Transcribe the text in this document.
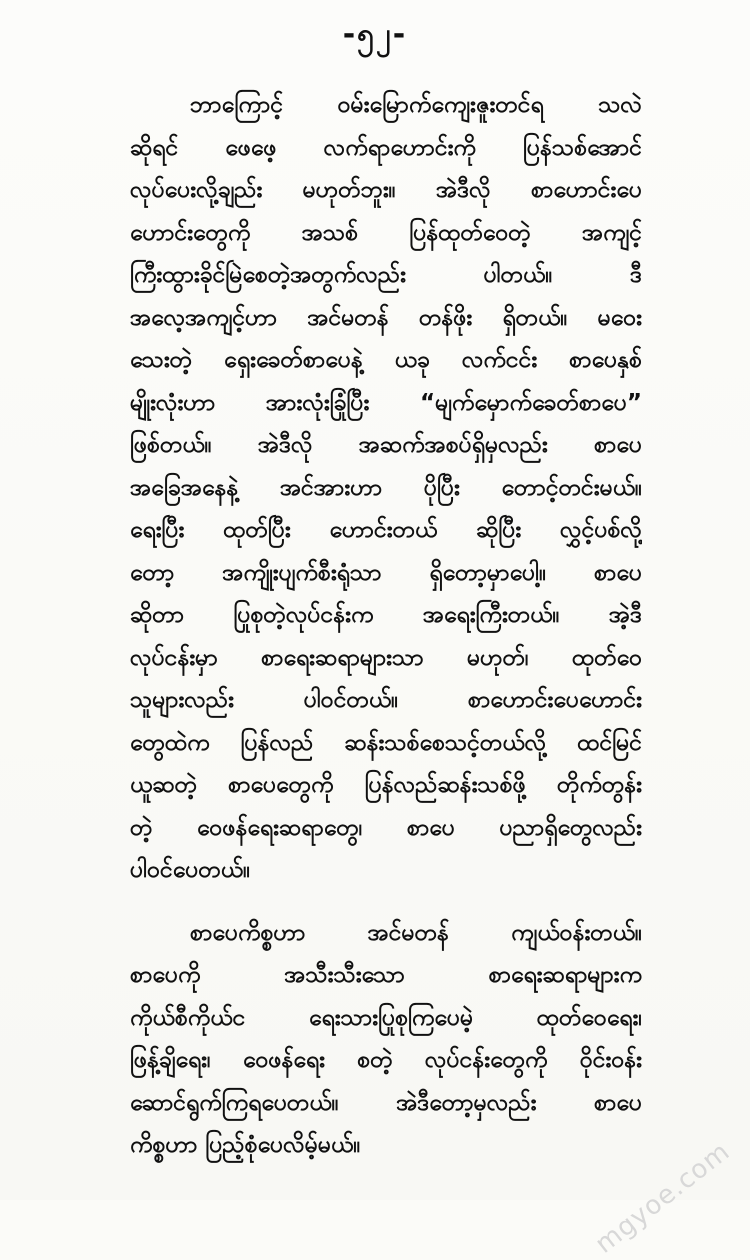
-၅၂-
ဘာကြောင့် ဝမ်းမြောက်ကျေးဇူးတင်ရ သလဲ
ဆိုရင် ဖေဖေ့ လက်ရာဟောင်းကို ပြန်သစ်အောင်
လုပ်ပေးလို့ချည်း မဟုတ်ဘူး။ အဲဒီလို စာဟောင်းပေ
ဟောင်းတွေကို အသစ် ပြန်ထုတ်ဝေတဲ့ အကျင့်
ကြီးထွားခိုင်မြဲစေတဲ့အတွက်လည်း ပါတယ်။ ဒီ
အလေ့အကျင့်ဟာ အင်မတန် တန်ဖိုး ရှိတယ်။ မဝေး
သေးတဲ့ ရှေးခေတ်စာပေနဲ့ ယခု လက်ငင်း စာပေနှစ်
မျိုးလုံးဟာ အားလုံးခြုံပြီး “မျက်မှောက်ခေတ်စာပေ”
ဖြစ်တယ်။ အဲဒီလို အဆက်အစပ်ရှိမှလည်း စာပေ
အခြေအနေနဲ့ အင်အားဟာ ပိုပြီး တောင့်တင်းမယ်။
ရေးပြီး ထုတ်ပြီး ဟောင်းတယ် ဆိုပြီး လွှင့်ပစ်လို့
တော့ အကျိုးပျက်စီးရုံသာ ရှိတော့မှာပေါ့။ စာပေ
ဆိုတာ ပြုစုတဲ့လုပ်ငန်းက အရေးကြီးတယ်။ အဲ့ဒီ
လုပ်ငန်းမှာ စာရေးဆရာများသာ မဟုတ်၊ ထုတ်ဝေ
သူများလည်း ပါဝင်တယ်။ စာဟောင်းပေဟောင်း
တွေထဲက ပြန်လည် ဆန်းသစ်စေသင့်တယ်လို့ ထင်မြင်
ယူဆတဲ့ စာပေတွေကို ပြန်လည်ဆန်းသစ်ဖို့ တိုက်တွန်း
တဲ့ ဝေဖန်ရေးဆရာတွေ၊ စာပေ ပညာရှိတွေလည်း
ပါဝင်ပေတယ်။
စာပေကိစ္စဟာ အင်မတန် ကျယ်ဝန်းတယ်။
စာပေကို အသီးသီးသော စာရေးဆရာများက
ကိုယ်စီကိုယ်င ရေးသားပြုစုကြပေမဲ့ ထုတ်ဝေရေး၊
ဖြန့်ချိရေး၊ ဝေဖန်ရေး စတဲ့ လုပ်ငန်းတွေကို ဝိုင်းဝန်း
ဆောင်ရွက်ကြရပေတယ်။ အဲဒီတော့မှလည်း စာပေ
ကိစ္စဟာ ပြည့်စုံပေလိမ့်မယ်။	mgyoe.com
